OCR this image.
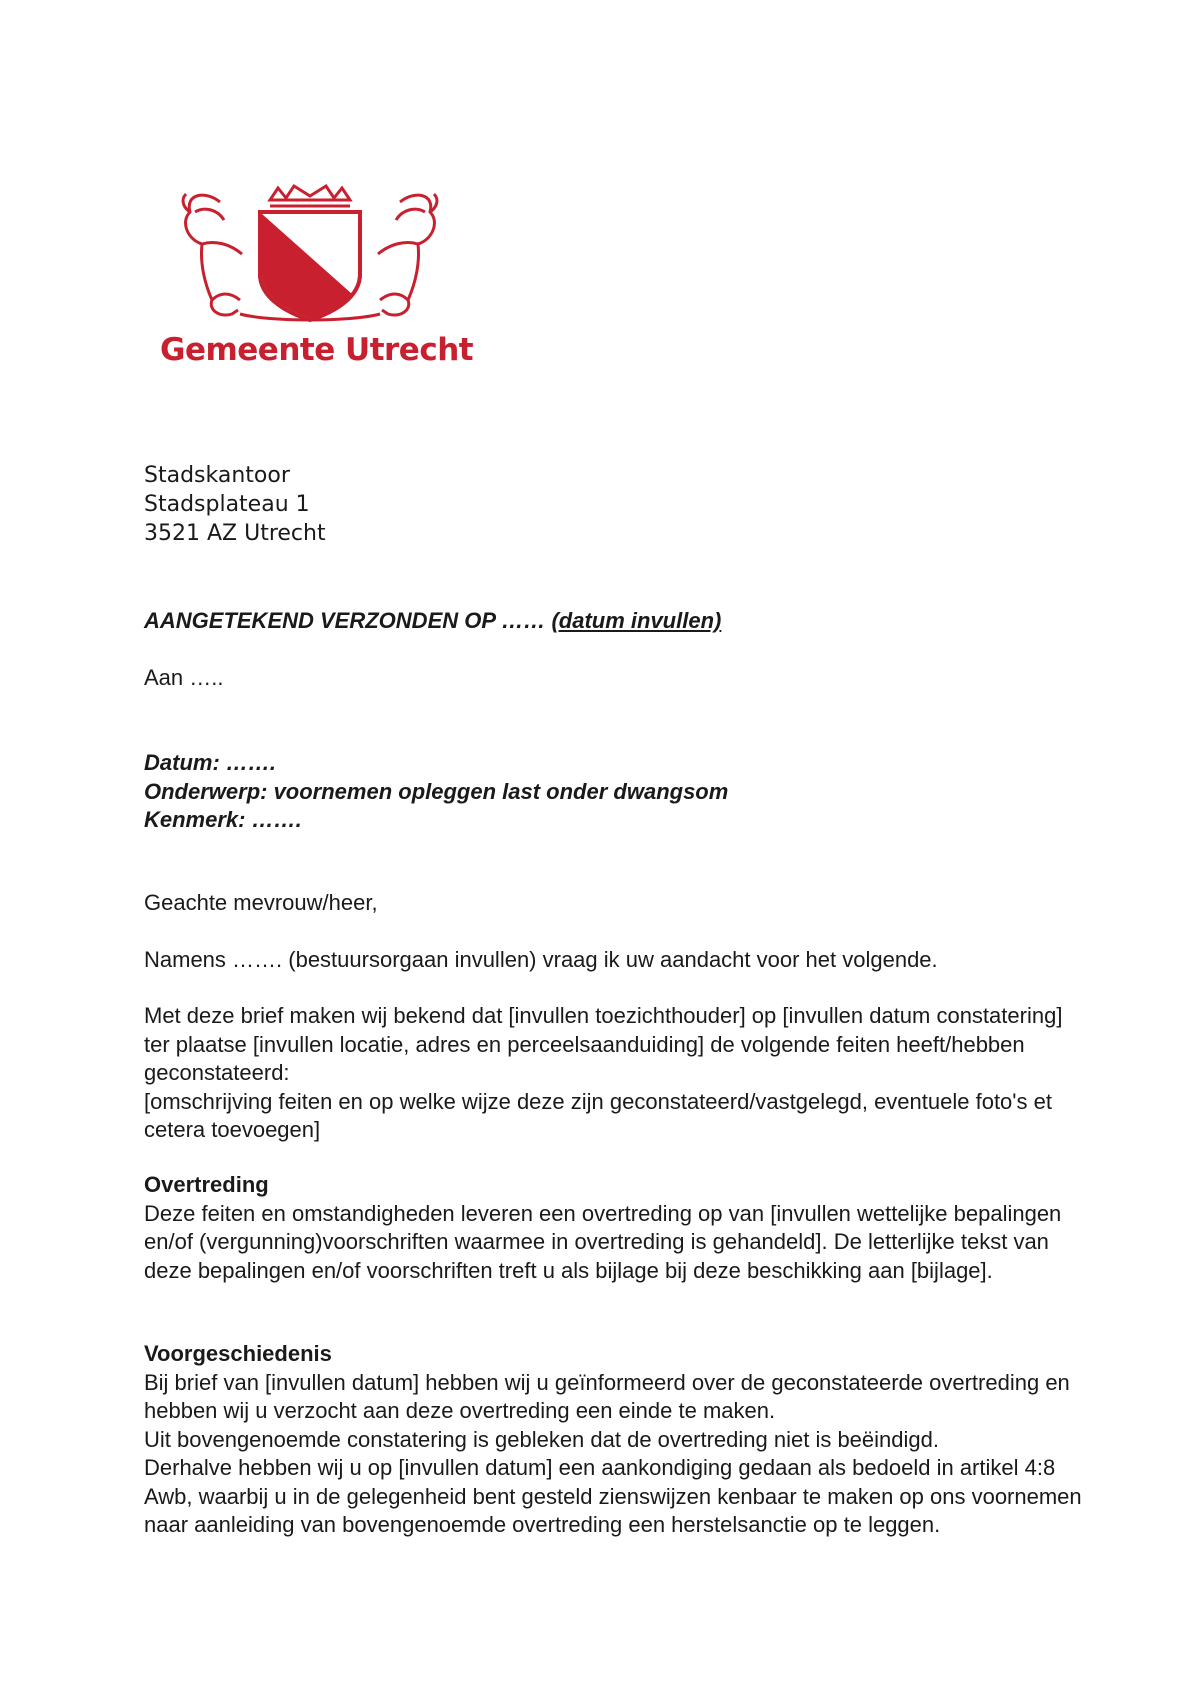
Gemeente Utrecht
Stadskantoor
Stadsplateau 1
3521 AZ Utrecht
AANGETEKEND VERZONDEN OP …… (datum invullen)
Aan …..
Datum: …….
Onderwerp: voornemen opleggen last onder dwangsom
Kenmerk: …….
Geachte mevrouw/heer,
Namens ……. (bestuursorgaan invullen) vraag ik uw aandacht voor het volgende.

Met deze brief maken wij bekend dat [invullen toezichthouder] op [invullen datum constatering] ter plaatse [invullen locatie, adres en perceelsaanduiding] de volgende feiten heeft/hebben geconstateerd:

[omschrijving feiten en op welke wijze deze zijn geconstateerd/vastgelegd, eventuele foto's et cetera toevoegen]

Overtreding

Deze feiten en omstandigheden leveren een overtreding op van [invullen wettelijke bepalingen en/of (vergunning)voorschriften waarmee in overtreding is gehandeld]. De letterlijke tekst van deze bepalingen en/of voorschriften treft u als bijlage bij deze beschikking aan [bijlage].

Voorgeschiedenis

Bij brief van [invullen datum] hebben wij u geïnformeerd over de geconstateerde overtreding en hebben wij u verzocht aan deze overtreding een einde te maken.

Uit bovengenoemde constatering is gebleken dat de overtreding niet is beëindigd.

Derhalve hebben wij u op [invullen datum] een aankondiging gedaan als bedoeld in artikel 4:8 Awb, waarbij u in de gelegenheid bent gesteld zienswijzen kenbaar te maken op ons voornemen naar aanleiding van bovengenoemde overtreding een herstelsanctie op te leggen.
